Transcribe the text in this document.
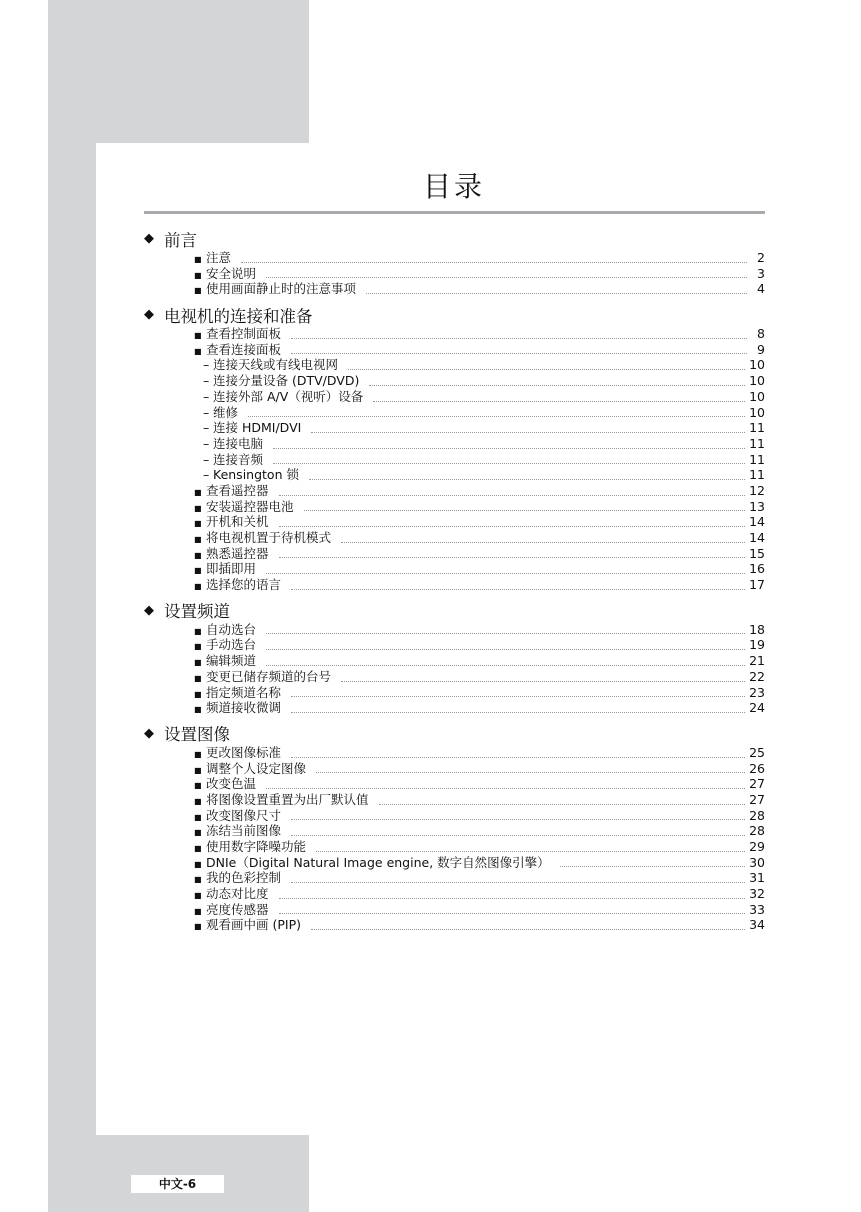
中文-6
目录
◆ 前言
■ 注意	2
■ 安全说明	3
■ 使用画面静止时的注意事项	4
◆ 电视机的连接和准备
■ 查看控制面板	8
■ 查看连接面板	9
– 连接天线或有线电视网	10
– 连接分量设备 (DTV/DVD)	10
– 连接外部 A/V（视听）设备	10
– 维修	10
– 连接 HDMI/DVI	11
– 连接电脑	11
– 连接音频	11
– Kensington 锁	11
■ 查看遥控器	12
■ 安装遥控器电池	13
■ 开机和关机	14
■ 将电视机置于待机模式	14
■ 熟悉遥控器	15
■ 即插即用	16
■ 选择您的语言	17
◆ 设置频道
■ 自动选台	18
■ 手动选台	19
■ 编辑频道	21
■ 变更已储存频道的台号	22
■ 指定频道名称	23
■ 频道接收微调	24
◆ 设置图像
■ 更改图像标准	25
■ 调整个人设定图像	26
■ 改变色温	27
■ 将图像设置重置为出厂默认值	27
■ 改变图像尺寸	28
■ 冻结当前图像	28
■ 使用数字降噪功能	29
■ DNIe（Digital Natural Image engine, 数字自然图像引擎）	30
■ 我的色彩控制	31
■ 动态对比度	32
■ 亮度传感器	33
■ 观看画中画 (PIP)	34
